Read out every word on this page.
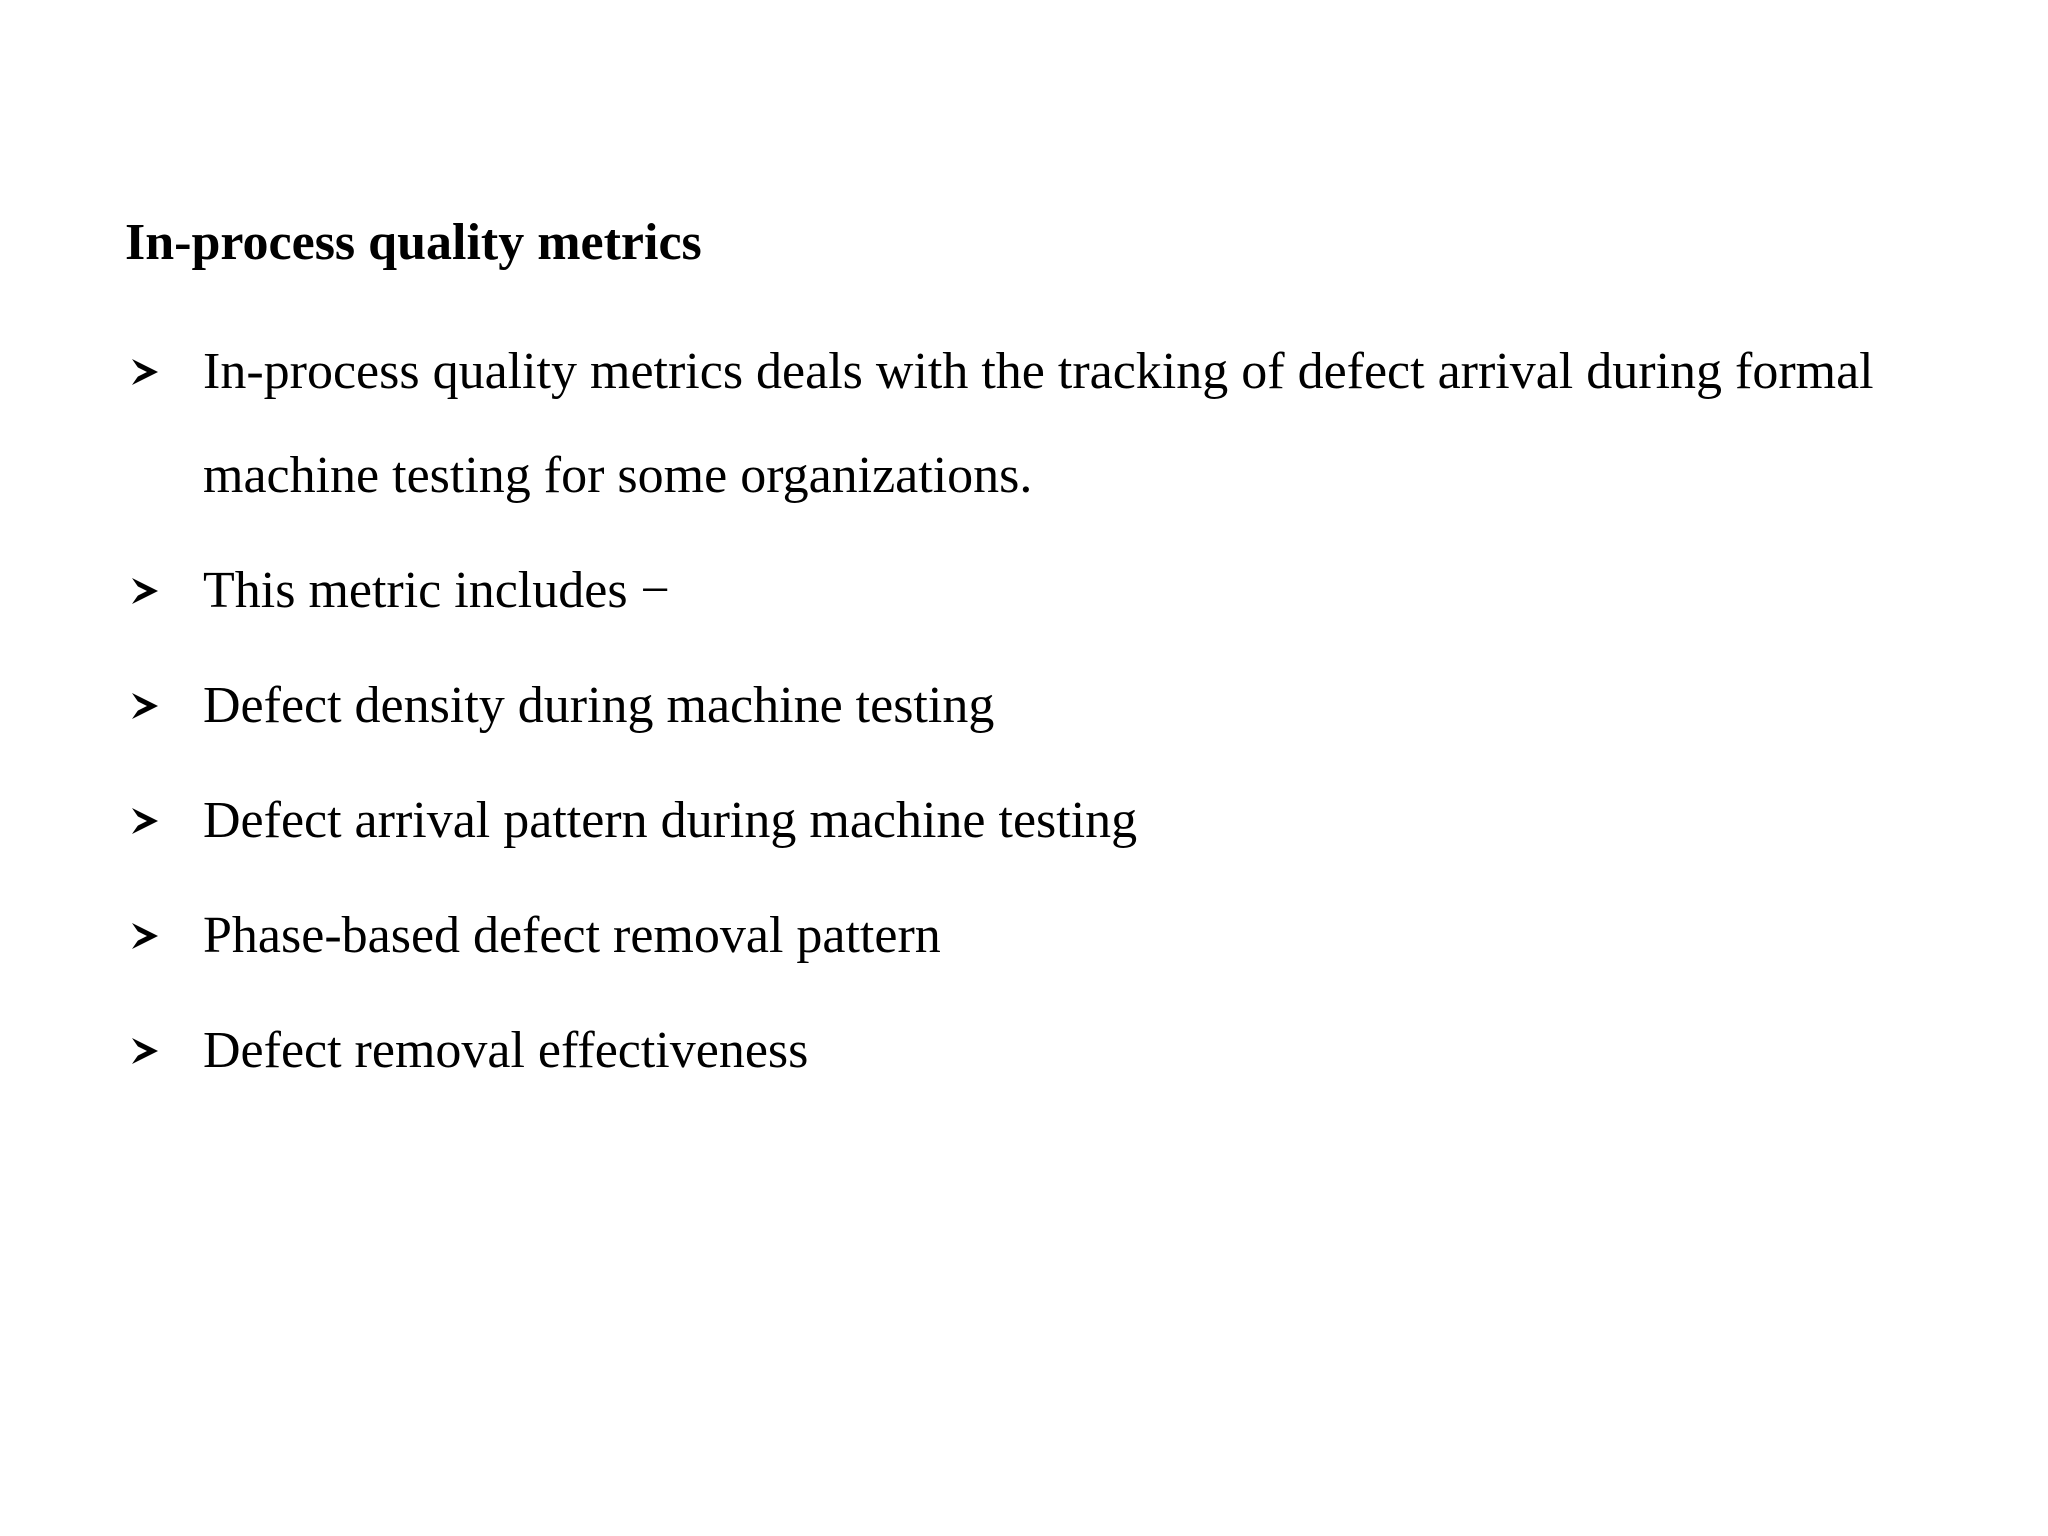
In-process quality metrics
In-process quality metrics deals with the tracking of defect arrival during formal machine testing for some organizations.
This metric includes −
Defect density during machine testing
Defect arrival pattern during machine testing
Phase-based defect removal pattern
Defect removal effectiveness
